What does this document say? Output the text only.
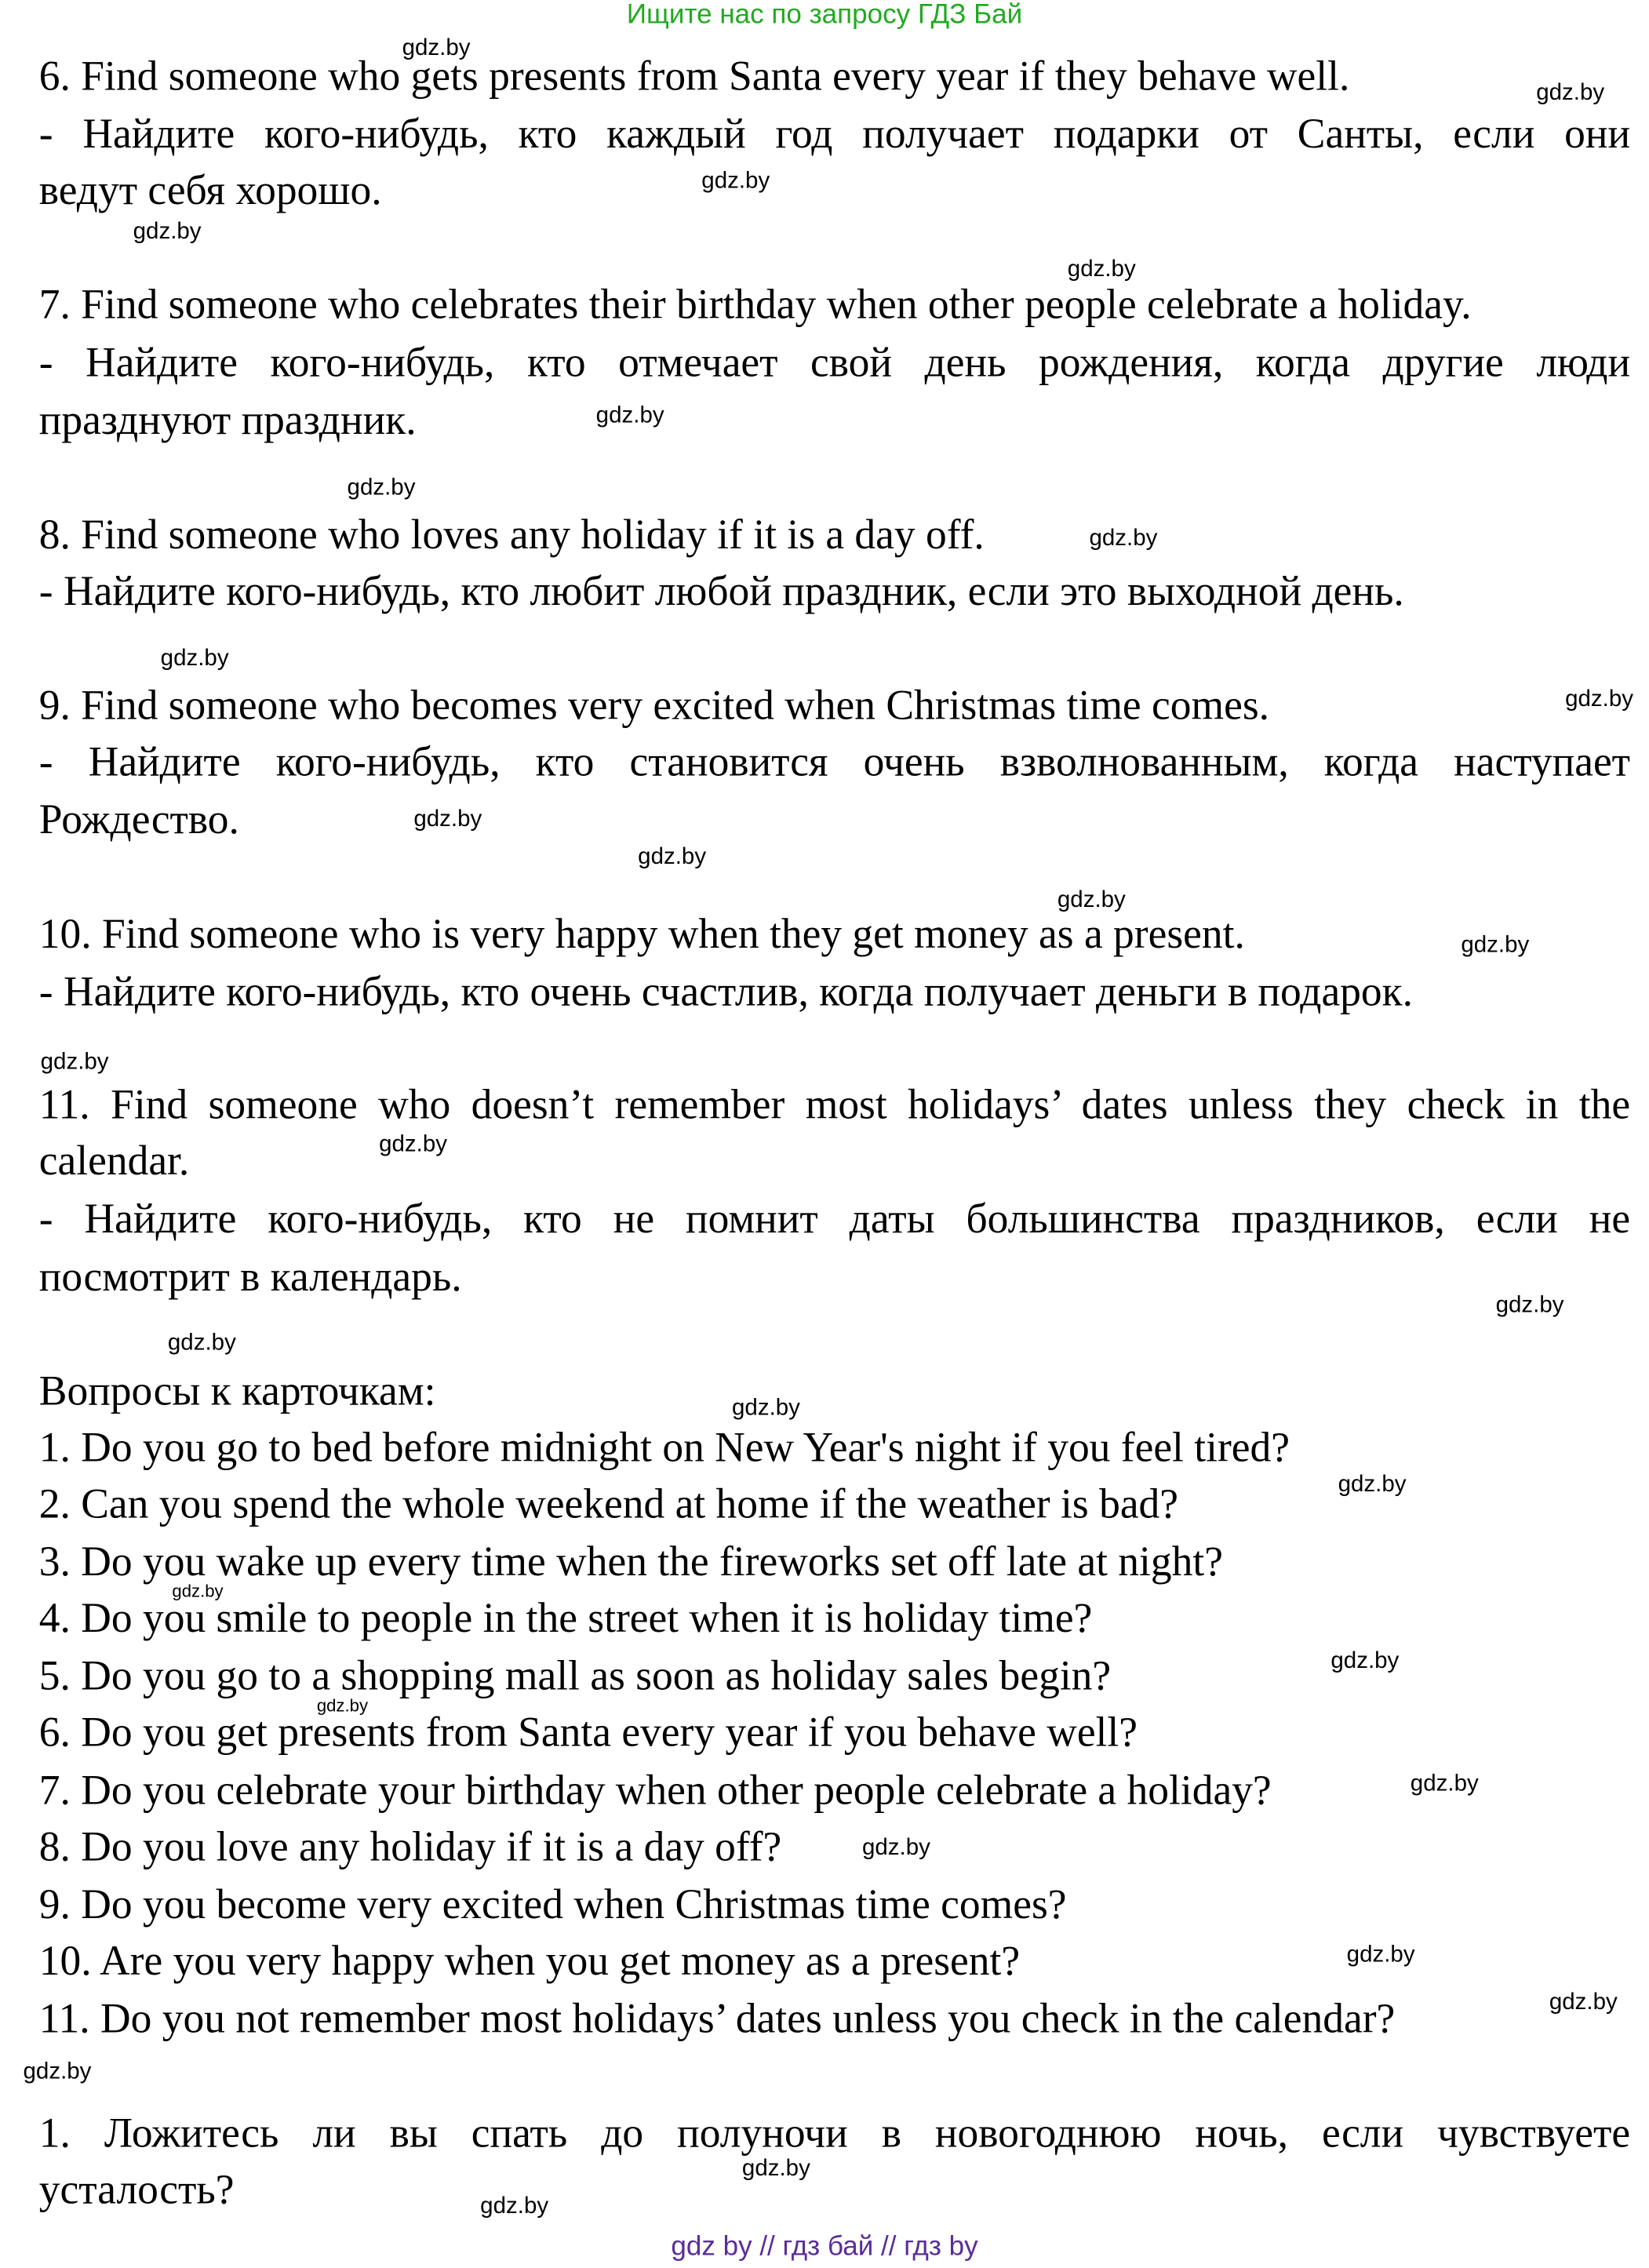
Ищите нас по запросу ГДЗ Бай
6. Find someone who gets presents from Santa every year if they behave well.
- Найдите кого-нибудь, кто каждый год получает подарки от Санты, если они
ведут себя хорошо.
7. Find someone who celebrates their birthday when other people celebrate a holiday.
- Найдите кого-нибудь, кто отмечает свой день рождения, когда другие люди
празднуют праздник.
8. Find someone who loves any holiday if it is a day off.
- Найдите кого-нибудь, кто любит любой праздник, если это выходной день.
9. Find someone who becomes very excited when Christmas time comes.
- Найдите кого-нибудь, кто становится очень взволнованным, когда наступает
Рождество.
10. Find someone who is very happy when they get money as a present.
- Найдите кого-нибудь, кто очень счастлив, когда получает деньги в подарок.
11. Find someone who doesn’t remember most holidays’ dates unless they check in the
calendar.
- Найдите кого-нибудь, кто не помнит даты большинства праздников, если не
посмотрит в календарь.
Вопросы к карточкам:
1. Do you go to bed before midnight on New Year's night if you feel tired?
2. Can you spend the whole weekend at home if the weather is bad?
3. Do you wake up every time when the fireworks set off late at night?
4. Do you smile to people in the street when it is holiday time?
5. Do you go to a shopping mall as soon as holiday sales begin?
6. Do you get presents from Santa every year if you behave well?
7. Do you celebrate your birthday when other people celebrate a holiday?
8. Do you love any holiday if it is a day off?
9. Do you become very excited when Christmas time comes?
10. Are you very happy when you get money as a present?
11. Do you not remember most holidays’ dates unless you check in the calendar?
1. Ложитесь ли вы спать до полуночи в новогоднюю ночь, если чувствуете
усталость?
gdz.by
gdz.by
gdz.by
gdz.by
gdz.by
gdz.by
gdz.by
gdz.by
gdz.by
gdz.by
gdz.by
gdz.by
gdz.by
gdz.by
gdz.by
gdz.by
gdz.by
gdz.by
gdz.by
gdz.by
gdz.by
gdz.by
gdz.by
gdz.by
gdz.by
gdz.by
gdz.by
gdz.by
gdz.by
gdz.by
gdz by // гдз бай // гдз by
